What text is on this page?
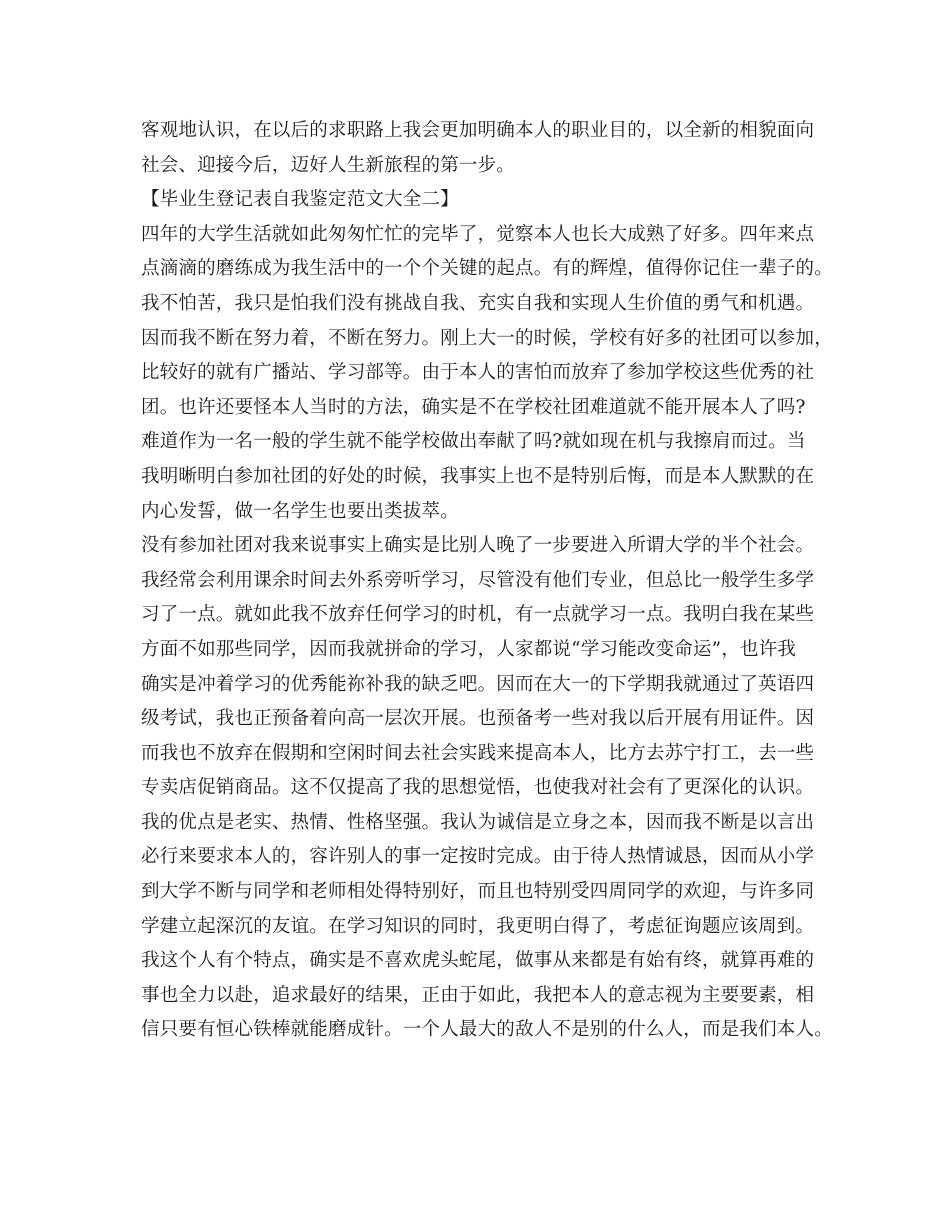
客观地认识，在以后的求职路上我会更加明确本人的职业目的，以全新的相貌面向
社会、迎接今后，迈好人生新旅程的第一步。
【毕业生登记表自我鉴定范文大全二】
四年的大学生活就如此匆匆忙忙的完毕了，觉察本人也长大成熟了好多。四年来点
点滴滴的磨练成为我生活中的一个个关键的起点。有的辉煌，值得你记住一辈子的。
我不怕苦，我只是怕我们没有挑战自我、充实自我和实现人生价值的勇气和机遇。
因而我不断在努力着，不断在努力。刚上大一的时候，学校有好多的社团可以参加，
比较好的就有广播站、学习部等。由于本人的害怕而放弃了参加学校这些优秀的社
团。也许还要怪本人当时的方法，确实是不在学校社团难道就不能开展本人了吗?
难道作为一名一般的学生就不能学校做出奉献了吗?就如现在机与我擦肩而过。当
我明晰明白参加社团的好处的时候，我事实上也不是特别后悔，而是本人默默的在
内心发誓，做一名学生也要出类拔萃。
没有参加社团对我来说事实上确实是比别人晚了一步要进入所谓大学的半个社会。
我经常会利用课余时间去外系旁听学习，尽管没有他们专业，但总比一般学生多学
习了一点。就如此我不放弃任何学习的时机，有一点就学习一点。我明白我在某些
方面不如那些同学，因而我就拼命的学习，人家都说“学习能改变命运”，也许我
确实是冲着学习的优秀能祢补我的缺乏吧。因而在大一的下学期我就通过了英语四
级考试，我也正预备着向高一层次开展。也预备考一些对我以后开展有用证件。因
而我也不放弃在假期和空闲时间去社会实践来提高本人，比方去苏宁打工，去一些
专卖店促销商品。这不仅提高了我的思想觉悟，也使我对社会有了更深化的认识。
我的优点是老实、热情、性格坚强。我认为诚信是立身之本，因而我不断是以言出
必行来要求本人的，容许别人的事一定按时完成。由于待人热情诚恳，因而从小学
到大学不断与同学和老师相处得特别好，而且也特别受四周同学的欢迎，与许多同
学建立起深沉的友谊。在学习知识的同时，我更明白得了，考虑征询题应该周到。
我这个人有个特点，确实是不喜欢虎头蛇尾，做事从来都是有始有终，就算再难的
事也全力以赴，追求最好的结果，正由于如此，我把本人的意志视为主要要素，相
信只要有恒心铁棒就能磨成针。一个人最大的敌人不是别的什么人，而是我们本人。
